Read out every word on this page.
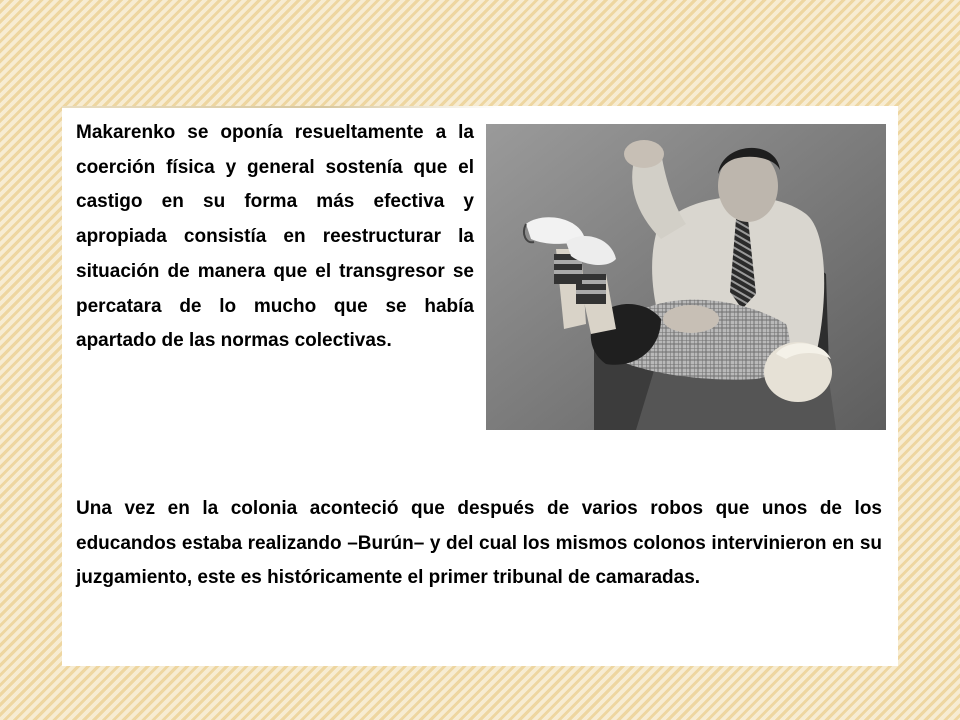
Makarenko se oponía resueltamente a la coerción física y general sostenía que el castigo en su forma más efectiva y apropiada consistía en reestructurar la situación de manera que el transgresor se percatara de lo mucho que se había apartado de las normas colectivas.

Una vez en la colonia aconteció que después de varios robos que unos de los educandos estaba realizando –Burún– y del cual los mismos colonos intervinieron en su juzgamiento, este es históricamente el primer tribunal de camaradas.
